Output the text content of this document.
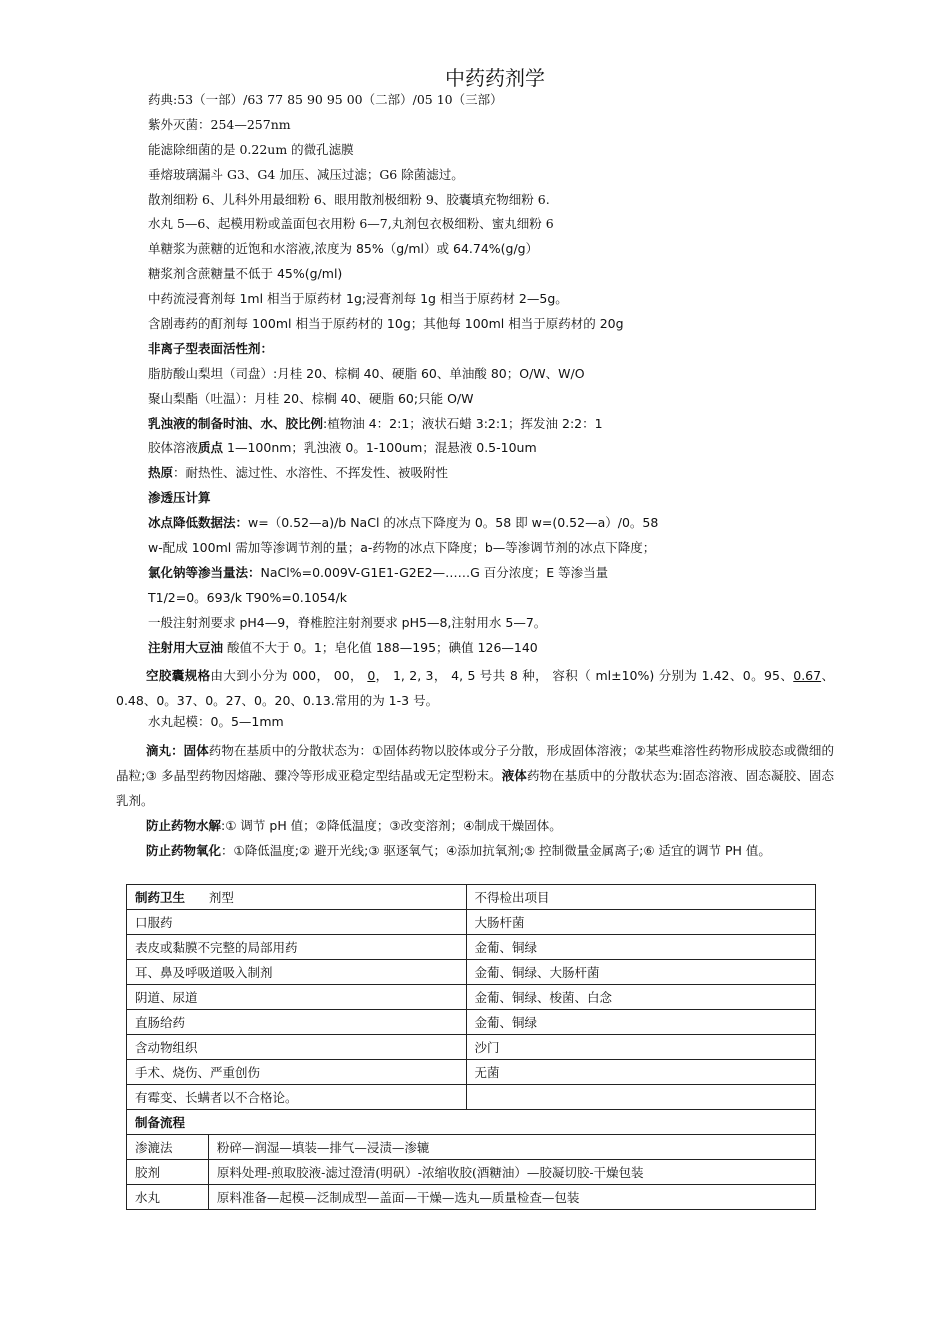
中药药剂学
药典:53（一部）/63 77 85 90 95 00（二部）/05 10（三部）
紫外灭菌：254—257nm
能滤除细菌的是 0.22um 的微孔滤膜
垂熔玻璃漏斗 G3、G4 加压、减压过滤；G6 除菌滤过。
散剂细粉 6、儿科外用最细粉 6、眼用散剂极细粉 9、胶囊填充物细粉 6.
水丸 5—6、起模用粉或盖面包衣用粉 6—7,丸剂包衣极细粉、蜜丸细粉 6
单糖浆为蔗糖的近饱和水溶液,浓度为 85%（g/ml）或 64.74%(g/g）
糖浆剂含蔗糖量不低于 45%(g/ml)
中药流浸膏剂每 1ml 相当于原药材 1g;浸膏剂每 1g 相当于原药材 2—5g。
含剧毒药的酊剂每 100ml 相当于原药材的 10g；其他每 100ml 相当于原药材的 20g
非离子型表面活性剂：
脂肪酸山梨坦（司盘）:月桂 20、棕榈 40、硬脂 60、单油酸 80；O/W、W/O
聚山梨酯（吐温）：月桂 20、棕榈 40、硬脂 60;只能 O/W
乳浊液的制备时油、水、胶比例:植物油 4：2:1；液状石蜡 3:2:1；挥发油 2:2：1
胶体溶液质点 1—100nm；乳浊液 0。1-100um；混悬液 0.5-10um
热原：耐热性、滤过性、水溶性、不挥发性、被吸附性
渗透压计算
冰点降低数据法：w=（0.52—a)/b NaCl 的冰点下降度为 0。58 即 w=(0.52—a）/0。58
w-配成 100ml 需加等渗调节剂的量；a-药物的冰点下降度；b—等渗调节剂的冰点下降度；
氯化钠等渗当量法：NaCl%=0.009V-G1E1-G2E2—……G 百分浓度；E 等渗当量
T1/2=0。693/k T90%=0.1054/k
一般注射剂要求 pH4—9，脊椎腔注射剂要求 pH5—8,注射用水 5—7。
注射用大豆油 酸值不大于 0。1；皂化值 188—195；碘值 126—140

空胶囊规格由大到小分为 000， 00， 0， 1, 2, 3， 4, 5 号共 8 种， 容积（ ml±10%) 分别为 1.42、0。95、0.67、0.48、0。37、0。27、0。20、0.13.常用的为 1-3 号。

水丸起模：0。5—1mm

滴丸：固体药物在基质中的分散状态为：①固体药物以胶体或分子分散，形成固体溶液；②某些难溶性药物形成胶态或微细的晶粒;③ 多晶型药物因熔融、骤冷等形成亚稳定型结晶或无定型粉末。液体药物在基质中的分散状态为:固态溶液、固态凝胶、固态乳剂。

防止药物水解:① 调节 pH 值；②降低温度；③改变溶剂；④制成干燥固体。

防止药物氧化：①降低温度;② 避开光线;③ 驱逐氧气；④添加抗氧剂;⑤ 控制微量金属离子;⑥ 适宜的调节 PH 值。

制药卫生 剂型		不得检出项目
口服药		大肠杆菌
表皮或黏膜不完整的局部用药		金葡、铜绿
耳、鼻及呼吸道吸入制剂		金葡、铜绿、大肠杆菌
阴道、尿道		金葡、铜绿、梭菌、白念
直肠给药		金葡、铜绿
含动物组织		沙门
手术、烧伤、严重创伤		无菌
有霉变、长螨者以不合格论。		
制备流程		
渗漉法	粉碎—润湿—填装—排气—浸渍—渗辘	
胶剂	原料处理-煎取胶液-滤过澄清(明矾）-浓缩收胶(酒糖油）—胶凝切胶-干燥包装	
水丸	原料准备—起模—泛制成型—盖面—干燥—选丸—质量检查—包装	
